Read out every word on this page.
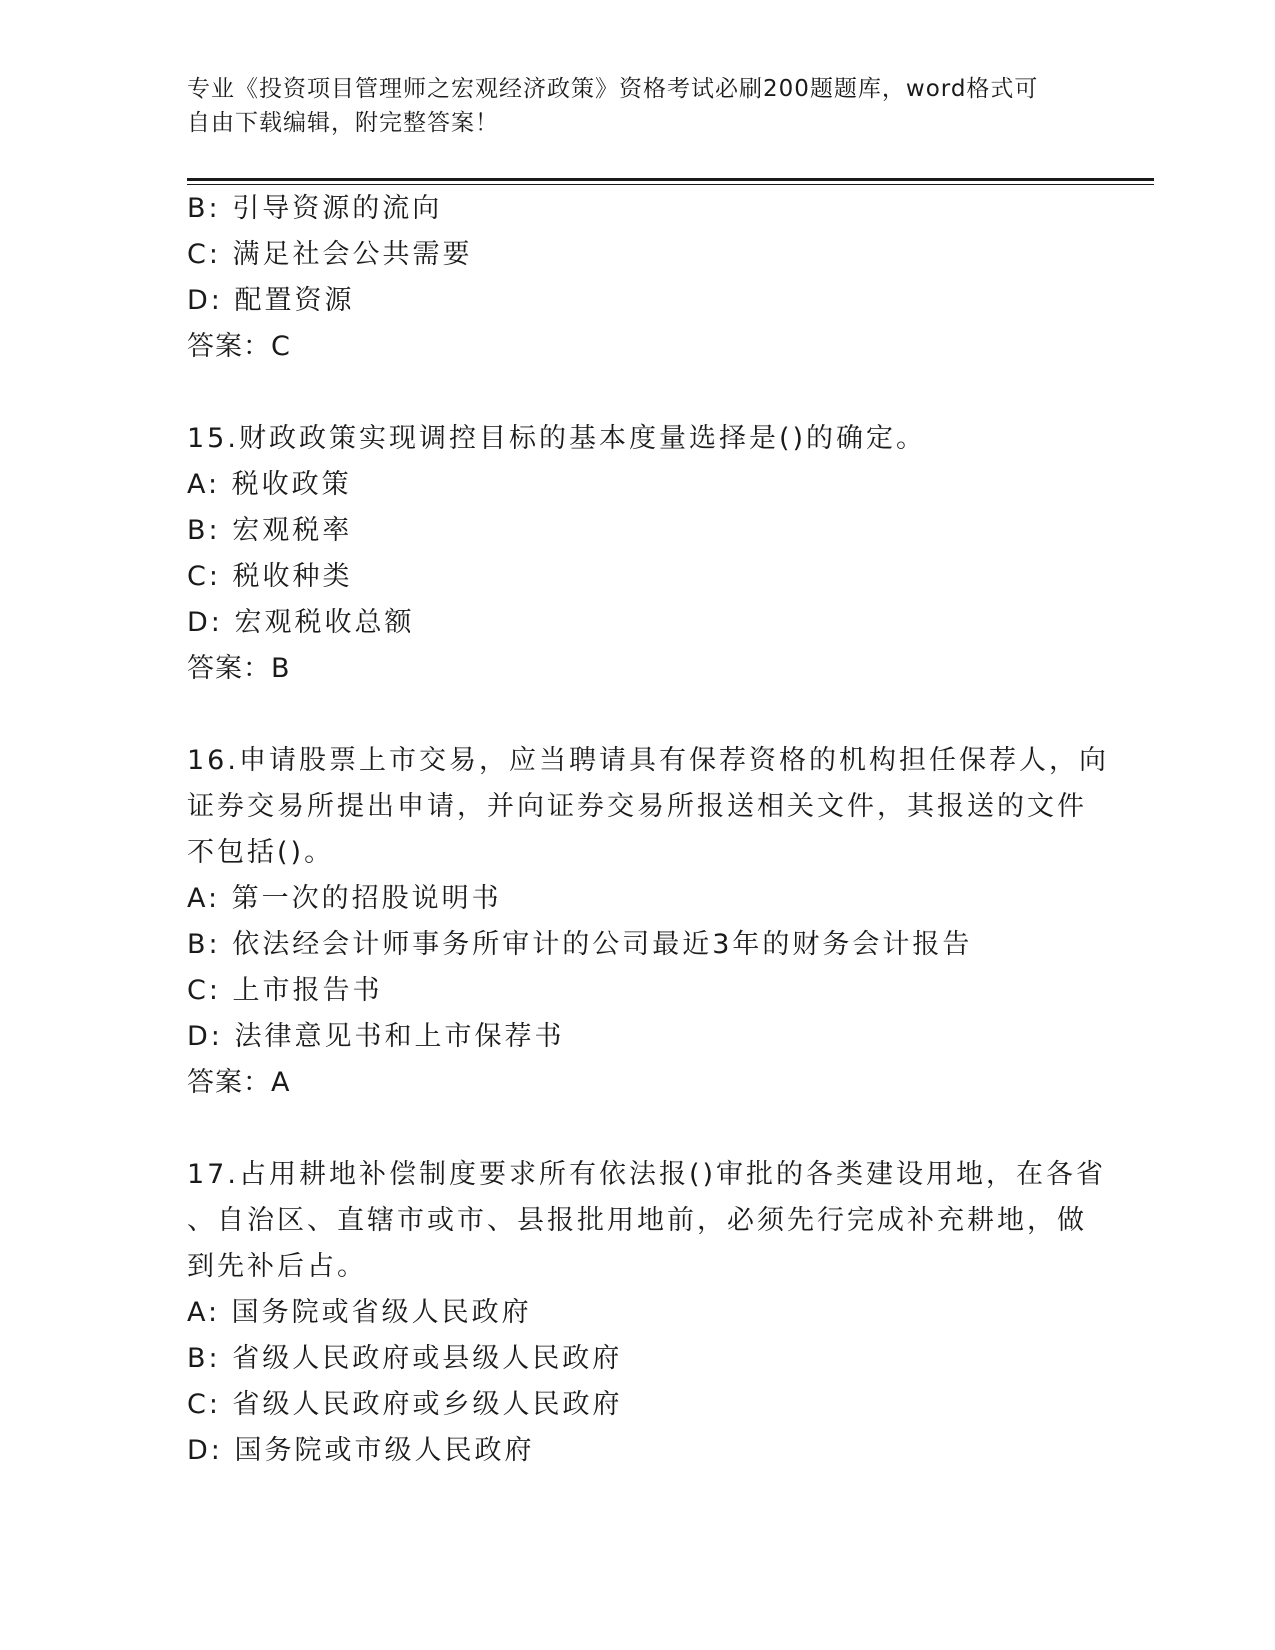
专业《投资项目管理师之宏观经济政策》资格考试必刷200题题库，word格式可
自由下载编辑，附完整答案！
B: 引导资源的流向
C: 满足社会公共需要
D: 配置资源
答案：C
15.财政政策实现调控目标的基本度量选择是()的确定。
A: 税收政策
B: 宏观税率
C: 税收种类
D: 宏观税收总额
答案：B
16.申请股票上市交易，应当聘请具有保荐资格的机构担任保荐人，向
证券交易所提出申请，并向证券交易所报送相关文件，其报送的文件
不包括()。
A: 第一次的招股说明书
B: 依法经会计师事务所审计的公司最近3年的财务会计报告
C: 上市报告书
D: 法律意见书和上市保荐书
答案：A
17.占用耕地补偿制度要求所有依法报()审批的各类建设用地，在各省
、自治区、直辖市或市、县报批用地前，必须先行完成补充耕地，做
到先补后占。
A: 国务院或省级人民政府
B: 省级人民政府或县级人民政府
C: 省级人民政府或乡级人民政府
D: 国务院或市级人民政府
